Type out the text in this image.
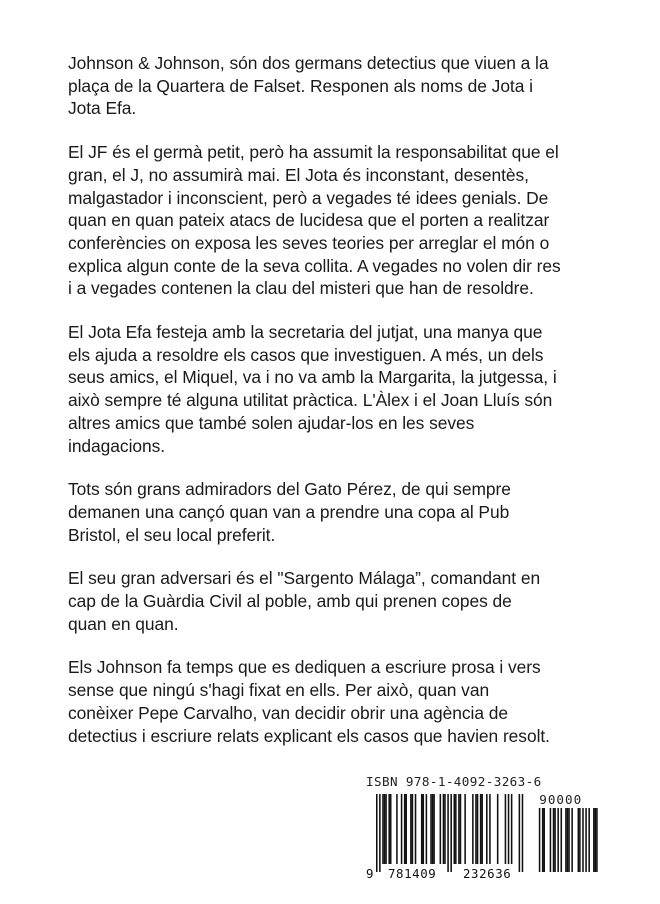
Johnson & Johnson, són dos germans detectius que viuen a la
plaça de la Quartera de Falset. Responen als noms de Jota i
Jota Efa.

El JF és el germà petit, però ha assumit la responsabilitat que el
gran, el J, no assumirà mai. El Jota és inconstant, desentès,
malgastador i inconscient, però a vegades té idees genials. De
quan en quan pateix atacs de lucidesa que el porten a realitzar
conferències on exposa les seves teories per arreglar el món o
explica algun conte de la seva collita. A vegades no volen dir res
i a vegades contenen la clau del misteri que han de resoldre.

El Jota Efa festeja amb la secretaria del jutjat, una manya que
els ajuda a resoldre els casos que investiguen. A més, un dels
seus amics, el Miquel, va i no va amb la Margarita, la jutgessa, i
això sempre té alguna utilitat pràctica. L'Àlex i el Joan Lluís són
altres amics que també solen ajudar-los en les seves
indagacions.

Tots són grans admiradors del Gato Pérez, de qui sempre
demanen una cançó quan van a prendre una copa al Pub
Bristol, el seu local preferit.

El seu gran adversari és el "Sargento Málaga”, comandant en
cap de la Guàrdia Civil al poble, amb qui prenen copes de
quan en quan.

Els Johnson fa temps que es dediquen a escriure prosa i vers
sense que ningú s'hagi fixat en ells. Per això, quan van
conèixer Pepe Carvalho, van decidir obrir una agència de
detectius i escriure relats explicant els casos que havien resolt.

ISBN 978-1-4092-3263-6
90000
9 781409 232636
